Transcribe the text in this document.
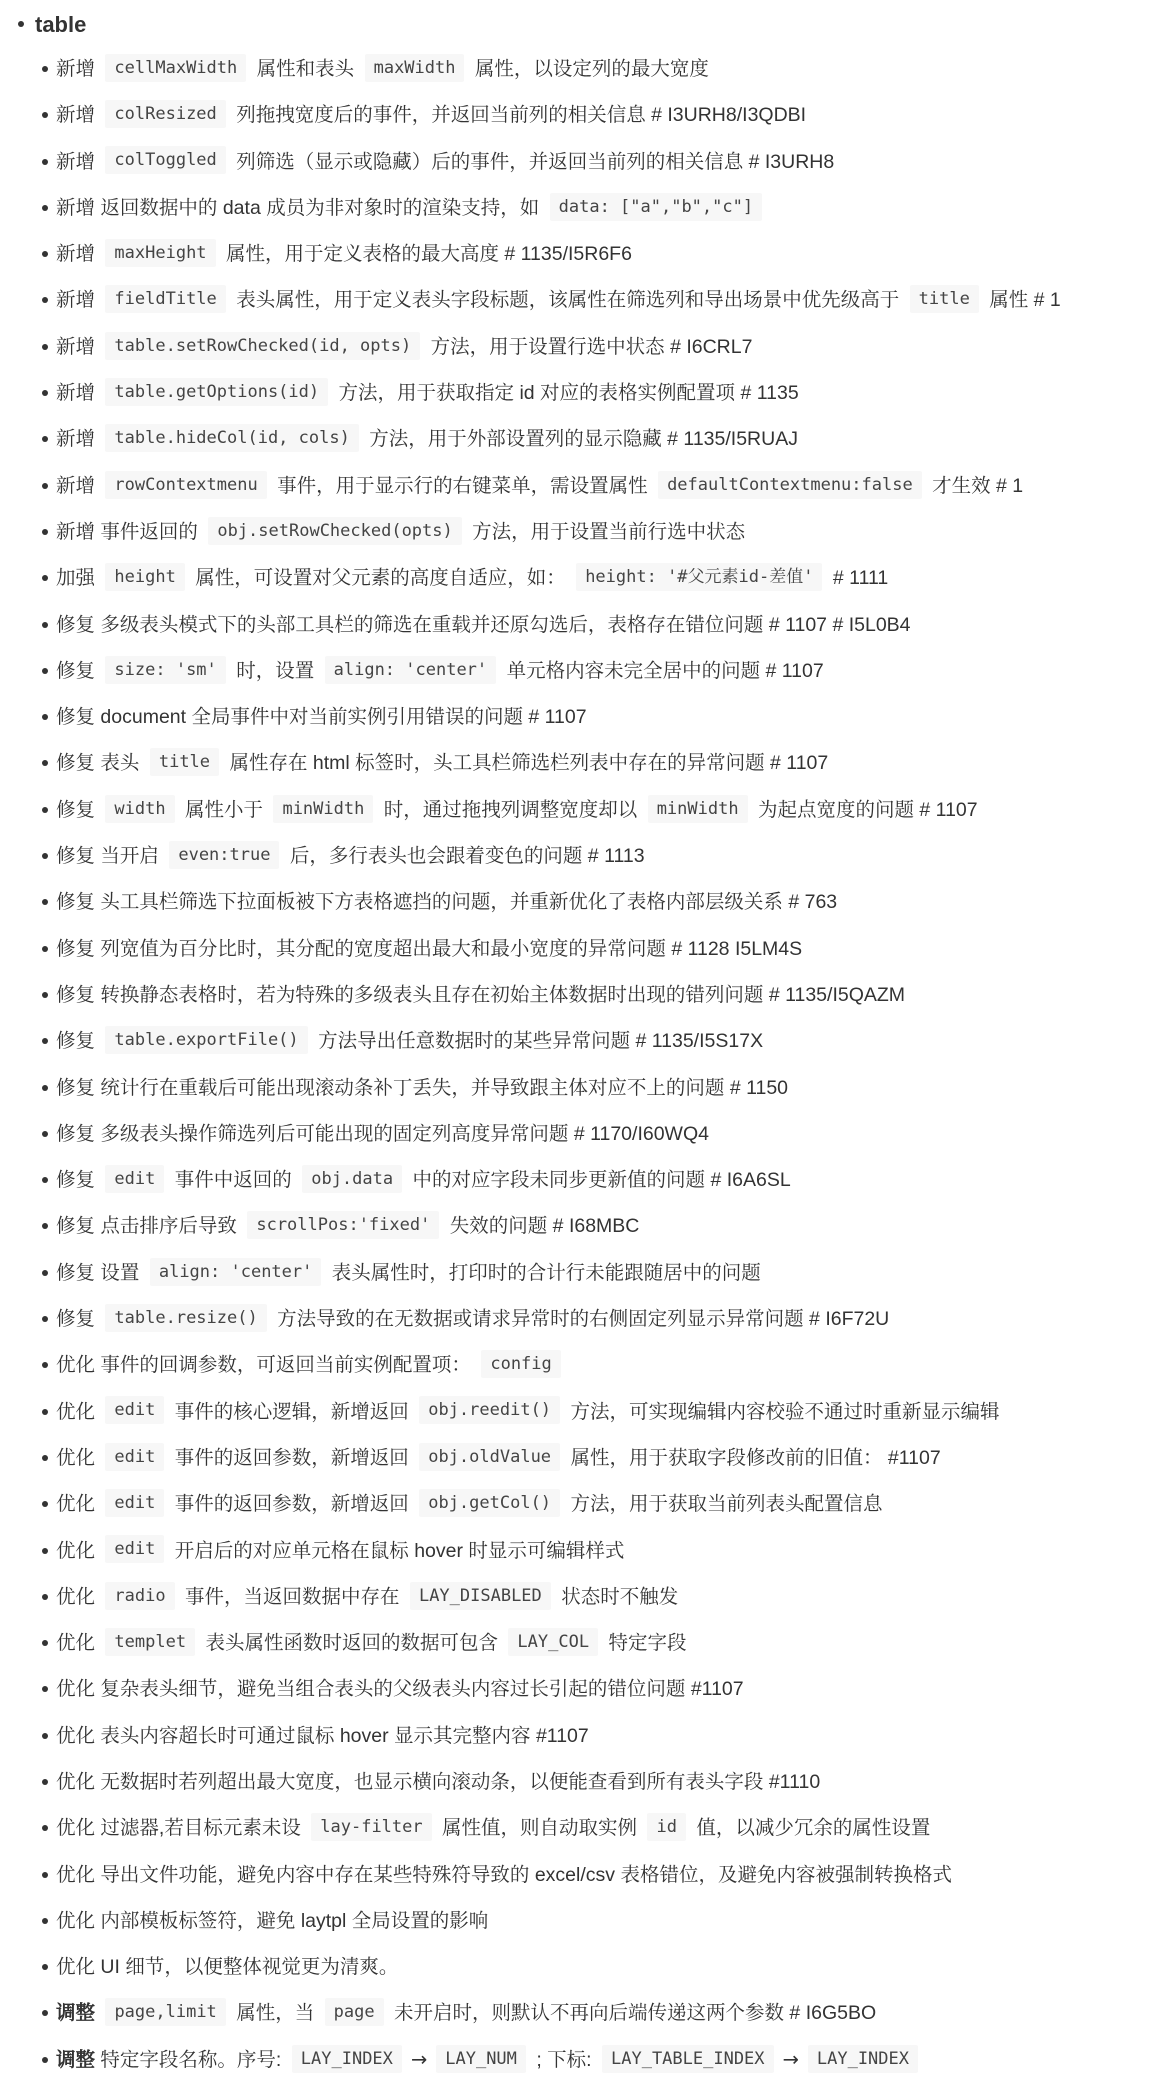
table
新增 cellMaxWidth 属性和表头 maxWidth 属性，以设定列的最大宽度
新增 colResized 列拖拽宽度后的事件，并返回当前列的相关信息 # I3URH8/I3QDBI
新增 colToggled 列筛选（显示或隐藏）后的事件，并返回当前列的相关信息 # I3URH8
新增 返回数据中的 data 成员为非对象时的渲染支持，如 data: ["a","b","c"]
新增 maxHeight 属性，用于定义表格的最大高度 # 1135/I5R6F6
新增 fieldTitle 表头属性，用于定义表头字段标题，该属性在筛选列和导出场景中优先级高于 title 属性 # 1
新增 table.setRowChecked(id, opts) 方法，用于设置行选中状态 # I6CRL7
新增 table.getOptions(id) 方法，用于获取指定 id 对应的表格实例配置项 # 1135
新增 table.hideCol(id, cols) 方法，用于外部设置列的显示隐藏 # 1135/I5RUAJ
新增 rowContextmenu 事件，用于显示行的右键菜单，需设置属性 defaultContextmenu:false 才生效 # 1
新增 事件返回的 obj.setRowChecked(opts) 方法，用于设置当前行选中状态
加强 height 属性，可设置对父元素的高度自适应，如： height: '#父元素id-差值' # 1111
修复 多级表头模式下的头部工具栏的筛选在重载并还原勾选后，表格存在错位问题 # 1107 # I5L0B4
修复 size: 'sm' 时，设置 align: 'center' 单元格内容未完全居中的问题 # 1107
修复 document 全局事件中对当前实例引用错误的问题 # 1107
修复 表头 title 属性存在 html 标签时，头工具栏筛选栏列表中存在的异常问题 # 1107
修复 width 属性小于 minWidth 时，通过拖拽列调整宽度却以 minWidth 为起点宽度的问题 # 1107
修复 当开启 even:true 后，多行表头也会跟着变色的问题 # 1113
修复 头工具栏筛选下拉面板被下方表格遮挡的问题，并重新优化了表格内部层级关系 # 763
修复 列宽值为百分比时，其分配的宽度超出最大和最小宽度的异常问题 # 1128 I5LM4S
修复 转换静态表格时，若为特殊的多级表头且存在初始主体数据时出现的错列问题 # 1135/I5QAZM
修复 table.exportFile() 方法导出任意数据时的某些异常问题 # 1135/I5S17X
修复 统计行在重载后可能出现滚动条补丁丢失，并导致跟主体对应不上的问题 # 1150
修复 多级表头操作筛选列后可能出现的固定列高度异常问题 # 1170/I60WQ4
修复 edit 事件中返回的 obj.data 中的对应字段未同步更新值的问题 # I6A6SL
修复 点击排序后导致 scrollPos:'fixed' 失效的问题 # I68MBC
修复 设置 align: 'center' 表头属性时，打印时的合计行未能跟随居中的问题
修复 table.resize() 方法导致的在无数据或请求异常时的右侧固定列显示异常问题 # I6F72U
优化 事件的回调参数，可返回当前实例配置项： config
优化 edit 事件的核心逻辑，新增返回 obj.reedit() 方法，可实现编辑内容校验不通过时重新显示编辑
优化 edit 事件的返回参数，新增返回 obj.oldValue 属性，用于获取字段修改前的旧值： #1107
优化 edit 事件的返回参数，新增返回 obj.getCol() 方法，用于获取当前列表头配置信息
优化 edit 开启后的对应单元格在鼠标 hover 时显示可编辑样式
优化 radio 事件，当返回数据中存在 LAY_DISABLED 状态时不触发
优化 templet 表头属性函数时返回的数据可包含 LAY_COL 特定字段
优化 复杂表头细节，避免当组合表头的父级表头内容过长引起的错位问题 #1107
优化 表头内容超长时可通过鼠标 hover 显示其完整内容 #1107
优化 无数据时若列超出最大宽度，也显示横向滚动条，以便能查看到所有表头字段 #1110
优化 过滤器,若目标元素未设 lay-filter 属性值，则自动取实例 id 值，以减少冗余的属性设置
优化 导出文件功能，避免内容中存在某些特殊符导致的 excel/csv 表格错位，及避免内容被强制转换格式
优化 内部模板标签符，避免 laytpl 全局设置的影响
优化 UI 细节，以便整体视觉更为清爽。
调整 page,limit 属性，当 page 未开启时，则默认不再向后端传递这两个参数 # I6G5BO
调整 特定字段名称。序号: LAY_INDEX → LAY_NUM ; 下标: LAY_TABLE_INDEX → LAY_INDEX
